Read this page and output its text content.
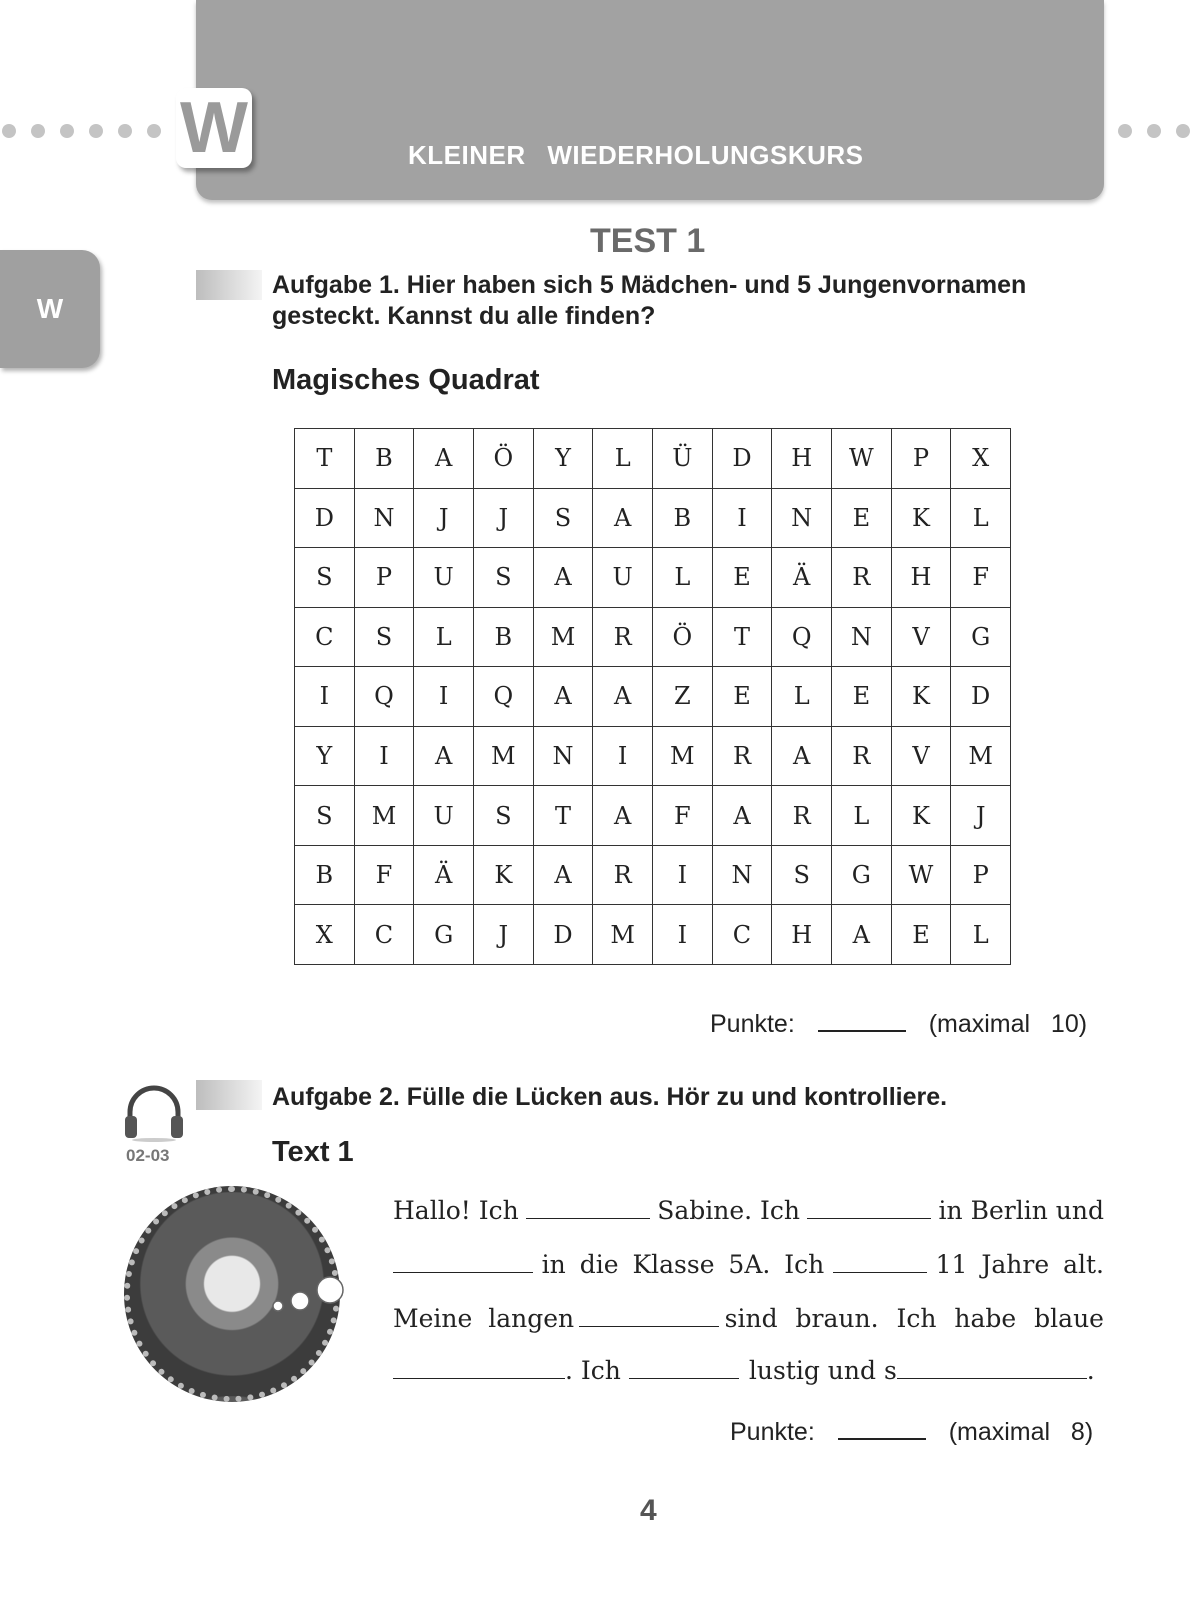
KLEINER WIEDERHOLUNGSKURS
W
W
TEST 1
Aufgabe 1. Hier haben sich 5 Mädchen- und 5 Jungenvornamen
gesteckt. Kannst du alle finden?
Magisches Quadrat
T	B	A	Ö	Y	L	Ü	D	H	W	P	X
D	N	J	J	S	A	B	I	N	E	K	L
S	P	U	S	A	U	L	E	Ä	R	H	F
C	S	L	B	M	R	Ö	T	Q	N	V	G
I	Q	I	Q	A	A	Z	E	L	E	K	D
Y	I	A	M	N	I	M	R	A	R	V	M
S	M	U	S	T	A	F	A	R	L	K	J
B	F	Ä	K	A	R	I	N	S	G	W	P
X	C	G	J	D	M	I	C	H	A	E	L
Punkte:	(maximal   10)
02-03
Aufgabe 2. Fülle die Lücken aus. Hör zu und kontrolliere.
Text 1
Hallo! Ich	Sabine. Ich	in Berlin und
in die Klasse 5A. Ich	11 Jahre alt.
Meine langen	sind braun. Ich habe blaue
. Ich	lustig und s	.
Punkte:	(maximal   8)
4
